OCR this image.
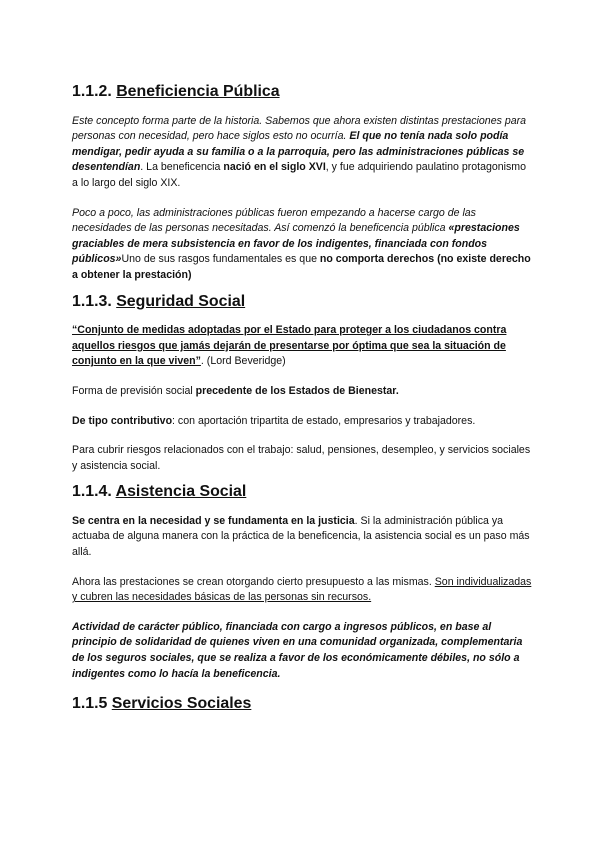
1.1.2. Beneficiencia Pública

Este concepto forma parte de la historia. Sabemos que ahora existen distintas prestaciones para personas con necesidad, pero hace siglos esto no ocurría. El que no tenía nada solo podía mendigar, pedir ayuda a su familia o a la parroquia, pero las administraciones públicas se desentendían. La beneficencia nació en el siglo XVI, y fue adquiriendo paulatino protagonismo a lo largo del siglo XIX.

Poco a poco, las administraciones públicas fueron empezando a hacerse cargo de las necesidades de las personas necesitadas. Así comenzó la beneficencia pública «prestaciones graciables de mera subsistencia en favor de los indigentes, financiada con fondos públicos»Uno de sus rasgos fundamentales es que no comporta derechos (no existe derecho a obtener la prestación)

1.1.3. Seguridad Social

“Conjunto de medidas adoptadas por el Estado para proteger a los ciudadanos contra aquellos riesgos que jamás dejarán de presentarse por óptima que sea la situación de conjunto en la que viven”. (Lord Beveridge)

Forma de previsión social precedente de los Estados de Bienestar.

De tipo contributivo: con aportación tripartita de estado, empresarios y trabajadores.

Para cubrir riesgos relacionados con el trabajo: salud, pensiones, desempleo, y servicios sociales y asistencia social.

1.1.4. Asistencia Social

Se centra en la necesidad y se fundamenta en la justicia. Si la administración pública ya actuaba de alguna manera con la práctica de la beneficencia, la asistencia social es un paso más allá.

Ahora las prestaciones se crean otorgando cierto presupuesto a las mismas. Son individualizadas y cubren las necesidades básicas de las personas sin recursos.

Actividad de carácter público, financiada con cargo a ingresos públicos, en base al principio de solidaridad de quienes viven en una comunidad organizada, complementaria de los seguros sociales, que se realiza a favor de los económicamente débiles, no sólo a indigentes como lo hacía la beneficencia.

1.1.5 Servicios Sociales
